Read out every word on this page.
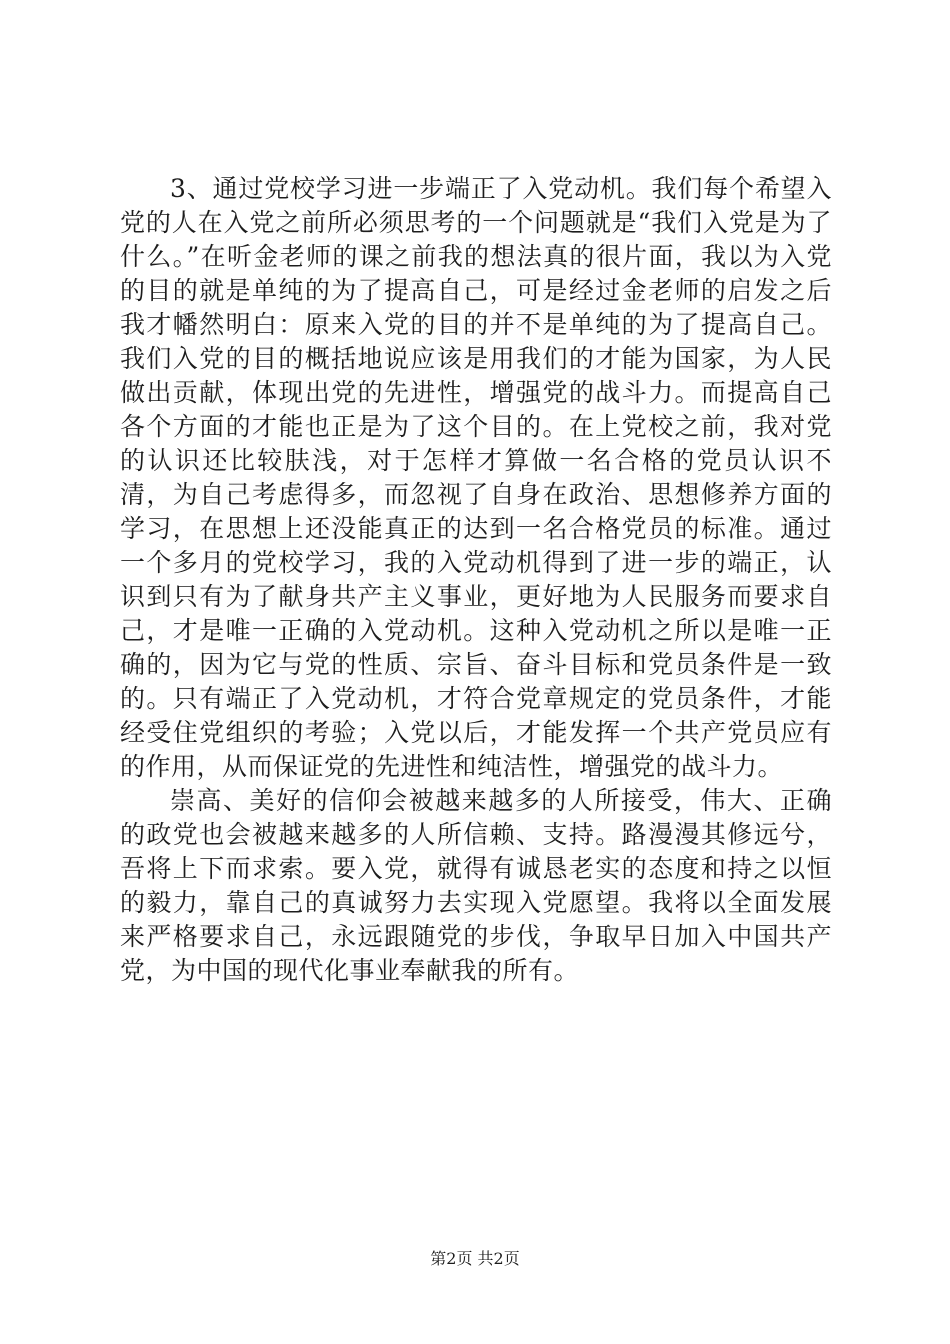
3、通过党校学习进一步端正了入党动机。我们每个希望入党的人在入党之前所必须思考的一个问题就是“我们入党是为了什么。”在听金老师的课之前我的想法真的很片面，我以为入党的目的就是单纯的为了提高自己，可是经过金老师的启发之后我才幡然明白：原来入党的目的并不是单纯的为了提高自己。我们入党的目的概括地说应该是用我们的才能为国家，为人民做出贡献，体现出党的先进性，增强党的战斗力。而提高自己各个方面的才能也正是为了这个目的。在上党校之前，我对党的认识还比较肤浅，对于怎样才算做一名合格的党员认识不清，为自己考虑得多，而忽视了自身在政治、思想修养方面的学习，在思想上还没能真正的达到一名合格党员的标准。通过一个多月的党校学习，我的入党动机得到了进一步的端正，认识到只有为了献身共产主义事业，更好地为人民服务而要求自己，才是唯一正确的入党动机。这种入党动机之所以是唯一正确的，因为它与党的性质、宗旨、奋斗目标和党员条件是一致的。只有端正了入党动机，才符合党章规定的党员条件，才能经受住党组织的考验；入党以后，才能发挥一个共产党员应有的作用，从而保证党的先进性和纯洁性，增强党的战斗力。

崇高、美好的信仰会被越来越多的人所接受，伟大、正确的政党也会被越来越多的人所信赖、支持。路漫漫其修远兮，吾将上下而求索。要入党，就得有诚恳老实的态度和持之以恒的毅力，靠自己的真诚努力去实现入党愿望。我将以全面发展来严格要求自己，永远跟随党的步伐，争取早日加入中国共产党，为中国的现代化事业奉献我的所有。

第2页 共2页
